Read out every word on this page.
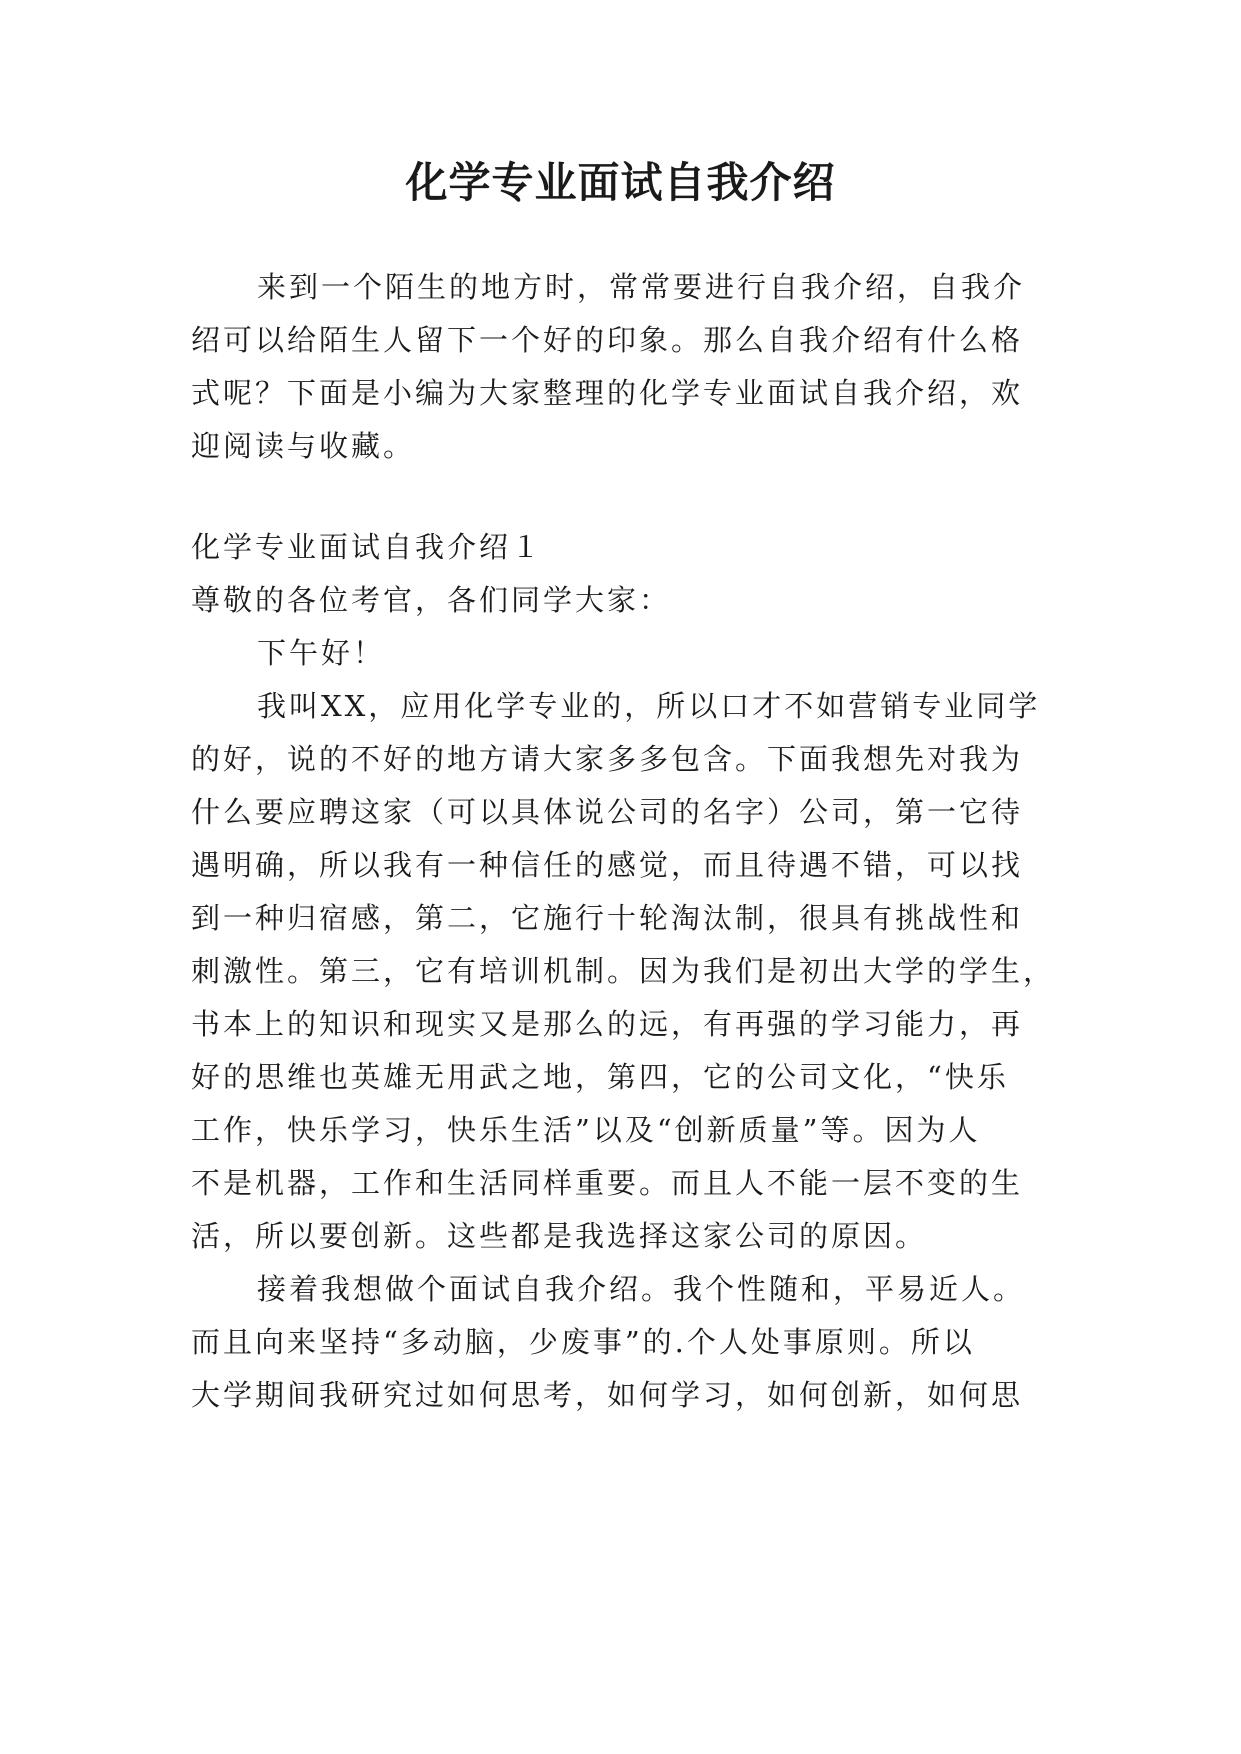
化学专业面试自我介绍
来到一个陌生的地方时，常常要进行自我介绍，自我介
绍可以给陌生人留下一个好的印象。那么自我介绍有什么格
式呢？下面是小编为大家整理的化学专业面试自我介绍，欢
迎阅读与收藏。
化学专业面试自我介绍１
尊敬的各位考官，各们同学大家：
下午好！
我叫XX，应用化学专业的，所以口才不如营销专业同学
的好，说的不好的地方请大家多多包含。下面我想先对我为
什么要应聘这家（可以具体说公司的名字）公司，第一它待
遇明确，所以我有一种信任的感觉，而且待遇不错，可以找
到一种归宿感，第二，它施行十轮淘汰制，很具有挑战性和
刺激性。第三，它有培训机制。因为我们是初出大学的学生，
书本上的知识和现实又是那么的远，有再强的学习能力，再
好的思维也英雄无用武之地，第四，它的公司文化，“快乐
工作，快乐学习，快乐生活”以及“创新质量”等。因为人
不是机器，工作和生活同样重要。而且人不能一层不变的生
活，所以要创新。这些都是我选择这家公司的原因。
接着我想做个面试自我介绍。我个性随和，平易近人。
而且向来坚持“多动脑，少废事”的.个人处事原则。所以
大学期间我研究过如何思考，如何学习，如何创新，如何思
